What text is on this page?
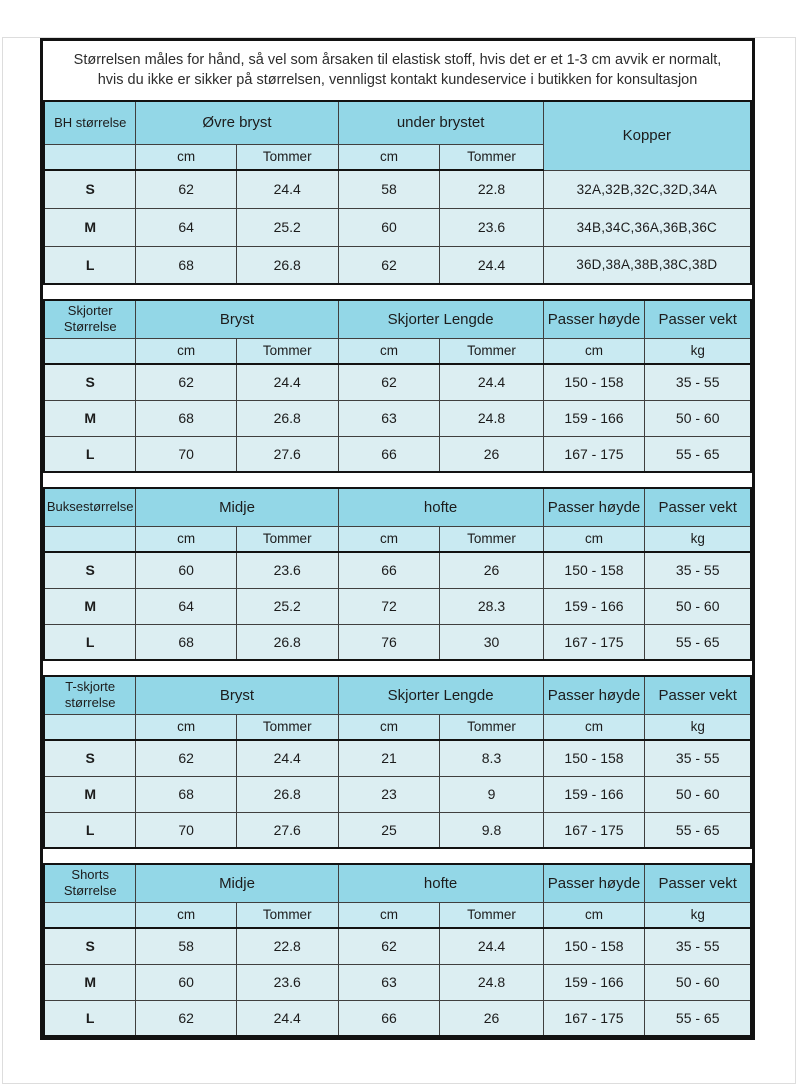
Størrelsen måles for hånd, så vel som årsaken til elastisk stoff, hvis det er et 1-3 cm avvik er normalt, hvis du ikke er sikker på størrelsen, vennligst kontakt kundeservice i butikken for konsultasjon
BH størrelse	Øvre bryst		under brystet		Kopper
	cm	Tommer	cm	Tommer	
S	62	24.4	58	22.8	32A,32B,32C,32D,34A
M	64	25.2	60	23.6	34B,34C,36A,36B,36C
L	68	26.8	62	24.4	36D,38A,38B,38C,38D
Skjorter
Størrelse	Bryst		Skjorter Lengde		Passer høyde	Passer vekt
	cm	Tommer	cm	Tommer	cm	kg
S	62	24.4	62	24.4	150 - 158	35 - 55
M	68	26.8	63	24.8	159 - 166	50 - 60
L	70	27.6	66	26	167 - 175	55 - 65
Buksestørrelse	Midje		hofte		Passer høyde	Passer vekt
	cm	Tommer	cm	Tommer	cm	kg
S	60	23.6	66	26	150 - 158	35 - 55
M	64	25.2	72	28.3	159 - 166	50 - 60
L	68	26.8	76	30	167 - 175	55 - 65
T-skjorte
størrelse	Bryst		Skjorter Lengde		Passer høyde	Passer vekt
	cm	Tommer	cm	Tommer	cm	kg
S	62	24.4	21	8.3	150 - 158	35 - 55
M	68	26.8	23	9	159 - 166	50 - 60
L	70	27.6	25	9.8	167 - 175	55 - 65
Shorts
Størrelse	Midje		hofte		Passer høyde	Passer vekt
	cm	Tommer	cm	Tommer	cm	kg
S	58	22.8	62	24.4	150 - 158	35 - 55
M	60	23.6	63	24.8	159 - 166	50 - 60
L	62	24.4	66	26	167 - 175	55 - 65
